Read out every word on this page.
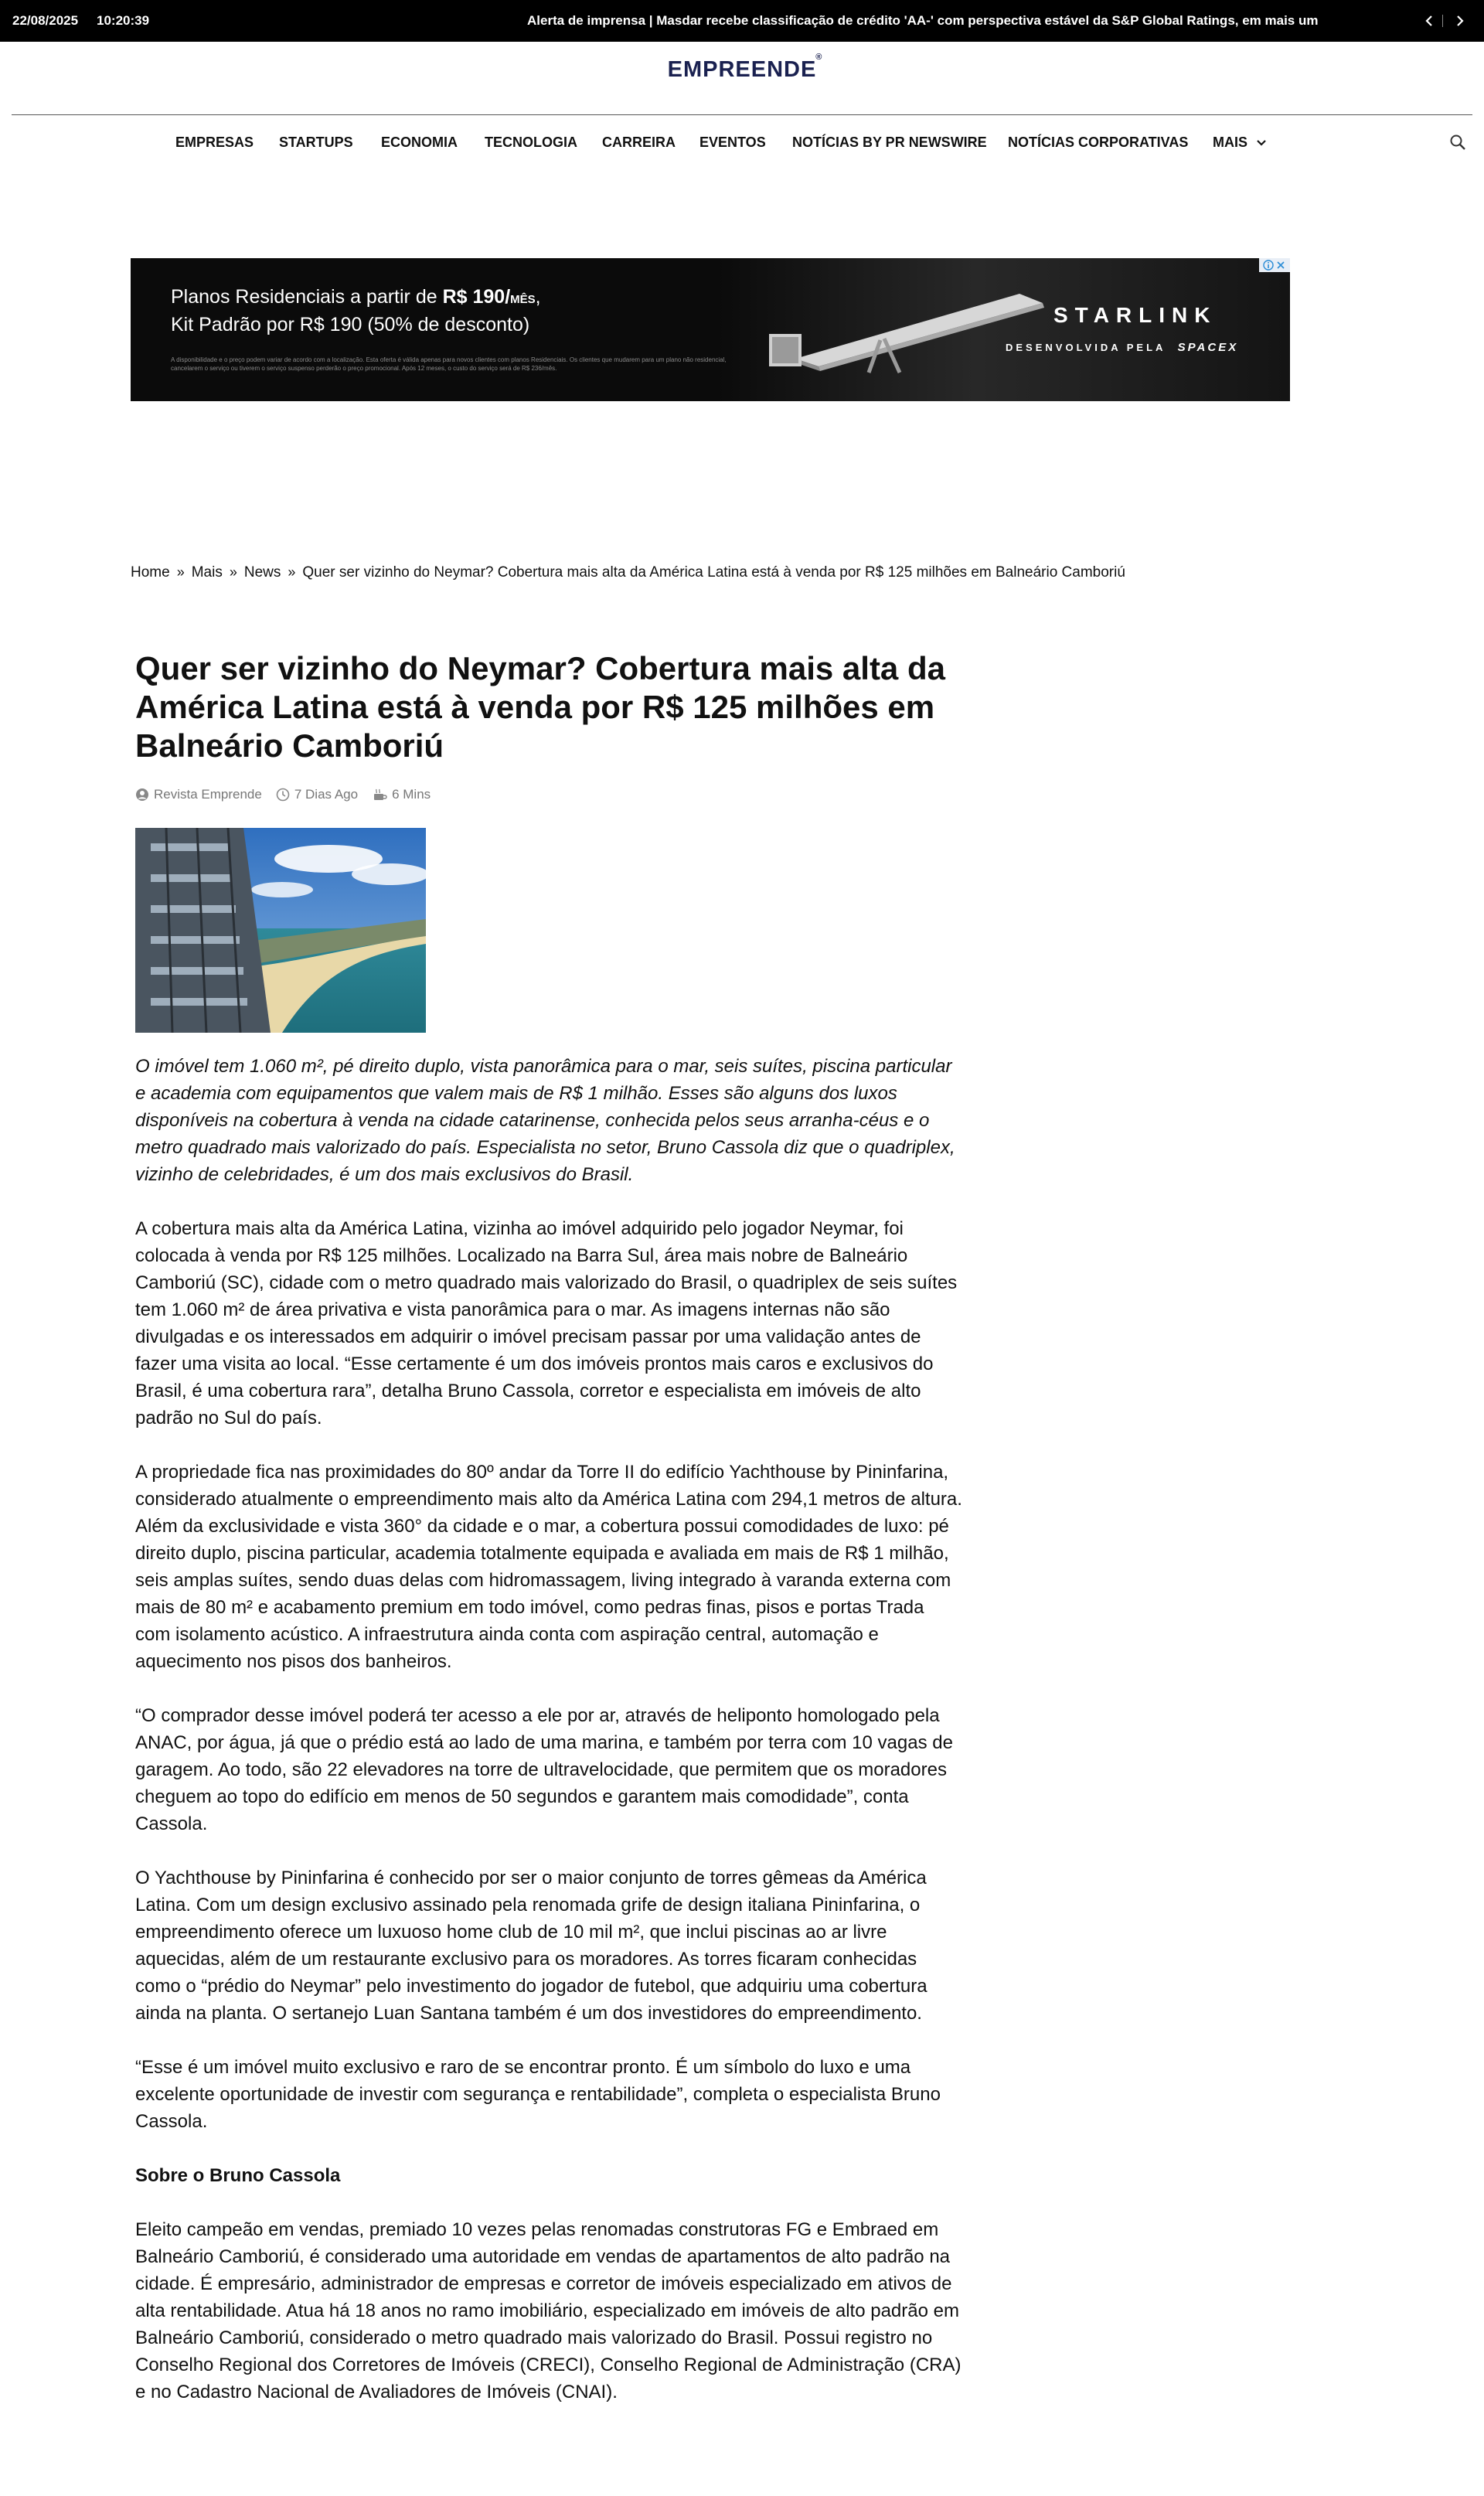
22/08/2025 10:20:39	Alerta de imprensa | Masdar recebe classificação de crédito 'AA-' com perspectiva estável da S&P Global Ratings, em mais um
EMPREENDE
®
EMPRESAS STARTUPS ECONOMIA TECNOLOGIA CARREIRA EVENTOS NOTÍCIAS BY PR NEWSWIRE NOTÍCIAS CORPORATIVAS MAIS
Planos Residenciais a partir de R$ 190/MÊS,
Kit Padrão por R$ 190 (50% de desconto)
A disponibilidade e o preço podem variar de acordo com a localização. Esta oferta é válida apenas para novos clientes com planos Residenciais. Os clientes que mudarem para um plano não residencial, cancelarem o serviço ou tiverem o serviço suspenso perderão o preço promocional. Após 12 meses, o custo do serviço será de R$ 236/mês.
STARLINK
DESENVOLVIDA PELA SPACEX
Home » Mais » News » Quer ser vizinho do Neymar? Cobertura mais alta da América Latina está à venda por R$ 125 milhões em Balneário Camboriú
Quer ser vizinho do Neymar? Cobertura mais alta da América Latina está à venda por R$ 125 milhões em Balneário Camboriú
Revista Emprende 7 Dias Ago	6 Mins

O imóvel tem 1.060 m², pé direito duplo, vista panorâmica para o mar, seis suítes, piscina particular e academia com equipamentos que valem mais de R$ 1 milhão. Esses são alguns dos luxos disponíveis na cobertura à venda na cidade catarinense, conhecida pelos seus arranha-céus e o metro quadrado mais valorizado do país. Especialista no setor, Bruno Cassola diz que o quadriplex, vizinho de celebridades, é um dos mais exclusivos do Brasil.

A cobertura mais alta da América Latina, vizinha ao imóvel adquirido pelo jogador Neymar, foi colocada à venda por R$ 125 milhões. Localizado na Barra Sul, área mais nobre de Balneário Camboriú (SC), cidade com o metro quadrado mais valorizado do Brasil, o quadriplex de seis suítes tem 1.060 m² de área privativa e vista panorâmica para o mar. As imagens internas não são divulgadas e os interessados em adquirir o imóvel precisam passar por uma validação antes de fazer uma visita ao local. “Esse certamente é um dos imóveis prontos mais caros e exclusivos do Brasil, é uma cobertura rara”, detalha Bruno Cassola, corretor e especialista em imóveis de alto padrão no Sul do país.

A propriedade fica nas proximidades do 80º andar da Torre II do edifício Yachthouse by Pininfarina, considerado atualmente o empreendimento mais alto da América Latina com 294,1 metros de altura. Além da exclusividade e vista 360° da cidade e o mar, a cobertura possui comodidades de luxo: pé direito duplo, piscina particular, academia totalmente equipada e avaliada em mais de R$ 1 milhão, seis amplas suítes, sendo duas delas com hidromassagem, living integrado à varanda externa com mais de 80 m² e acabamento premium em todo imóvel, como pedras finas, pisos e portas Trada com isolamento acústico. A infraestrutura ainda conta com aspiração central, automação e aquecimento nos pisos dos banheiros.

“O comprador desse imóvel poderá ter acesso a ele por ar, através de heliponto homologado pela ANAC, por água, já que o prédio está ao lado de uma marina, e também por terra com 10 vagas de garagem. Ao todo, são 22 elevadores na torre de ultravelocidade, que permitem que os moradores cheguem ao topo do edifício em menos de 50 segundos e garantem mais comodidade”, conta Cassola.

O Yachthouse by Pininfarina é conhecido por ser o maior conjunto de torres gêmeas da América Latina. Com um design exclusivo assinado pela renomada grife de design italiana Pininfarina, o empreendimento oferece um luxuoso home club de 10 mil m², que inclui piscinas ao ar livre aquecidas, além de um restaurante exclusivo para os moradores. As torres ficaram conhecidas como o “prédio do Neymar” pelo investimento do jogador de futebol, que adquiriu uma cobertura ainda na planta. O sertanejo Luan Santana também é um dos investidores do empreendimento.

“Esse é um imóvel muito exclusivo e raro de se encontrar pronto. É um símbolo do luxo e uma excelente oportunidade de investir com segurança e rentabilidade”, completa o especialista Bruno Cassola.

Sobre o Bruno Cassola

Eleito campeão em vendas, premiado 10 vezes pelas renomadas construtoras FG e Embraed em Balneário Camboriú, é considerado uma autoridade em vendas de apartamentos de alto padrão na cidade. É empresário, administrador de empresas e corretor de imóveis especializado em ativos de alta rentabilidade. Atua há 18 anos no ramo imobiliário, especializado em imóveis de alto padrão em Balneário Camboriú, considerado o metro quadrado mais valorizado do Brasil. Possui registro no Conselho Regional dos Corretores de Imóveis (CRECI), Conselho Regional de Administração (CRA) e no Cadastro Nacional de Avaliadores de Imóveis (CNAI).
